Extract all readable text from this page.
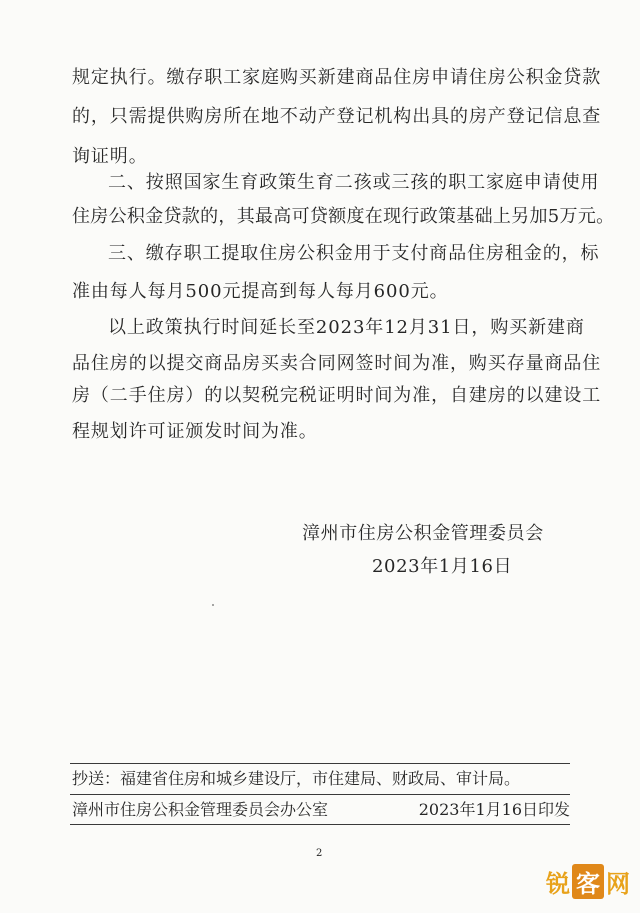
规定执行。缴存职工家庭购买新建商品住房申请住房公积金贷款
的，只需提供购房所在地不动产登记机构出具的房产登记信息查
询证明。
二、按照国家生育政策生育二孩或三孩的职工家庭申请使用
住房公积金贷款的，其最高可贷额度在现行政策基础上另加5万元。
三、缴存职工提取住房公积金用于支付商品住房租金的，标
准由每人每月500元提高到每人每月600元。
以上政策执行时间延长至2023年12月31日，购买新建商
品住房的以提交商品房买卖合同网签时间为准，购买存量商品住
房（二手住房）的以契税完税证明时间为准，自建房的以建设工
程规划许可证颁发时间为准。
漳州市住房公积金管理委员会
2023年1月16日
抄送：福建省住房和城乡建设厅，市住建局、财政局、审计局。
漳州市住房公积金管理委员会办公室	2023年1月16日印发
2
锐 客 网
